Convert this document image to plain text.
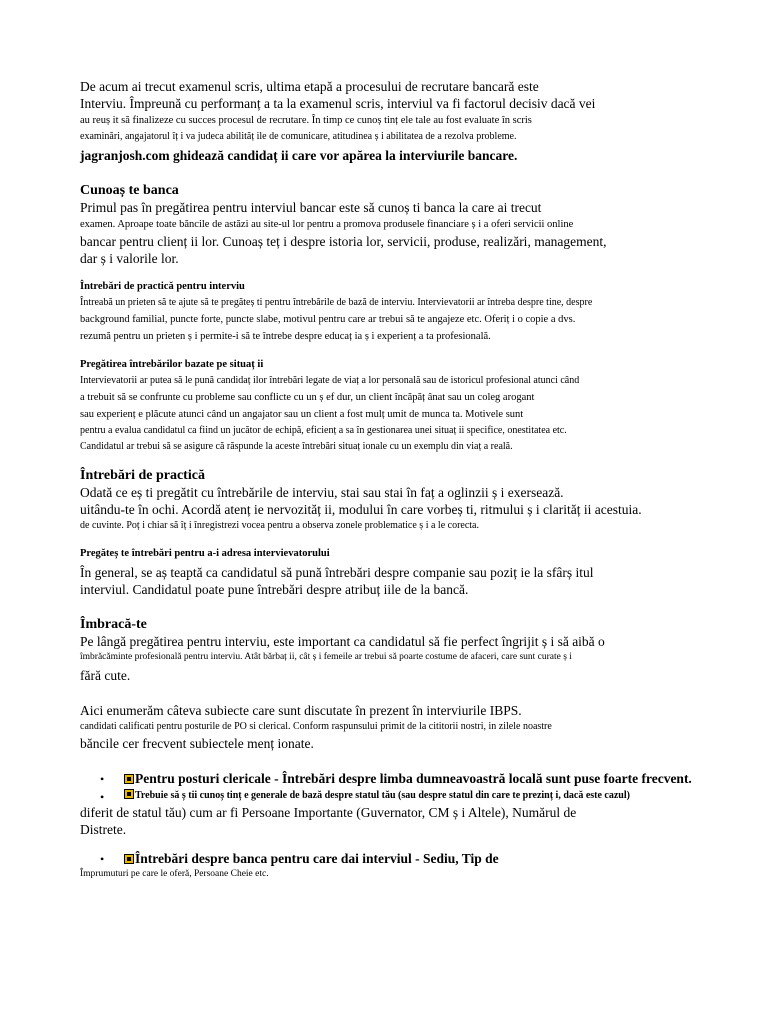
De acum ai trecut examenul scris, ultima etapă a procesului de recrutare bancară este

Interviu. Împreună cu performanț a ta la examenul scris, interviul va fi factorul decisiv dacă vei

au reuș it să finalizeze cu succes procesul de recrutare. În timp ce cunoș tinț ele tale au fost evaluate în scris

examinări, angajatorul îț i va judeca abilităț ile de comunicare, atitudinea ș i abilitatea de a rezolva probleme.

jagranjosh.com ghidează candidaț ii care vor apărea la interviurile bancare.

Cunoaș te banca

Primul pas în pregătirea pentru interviul bancar este să cunoș ti banca la care ai trecut

examen. Aproape toate băncile de astăzi au site-ul lor pentru a promova produsele financiare ș i a oferi servicii online

bancar pentru clienț ii lor. Cunoaș teț i despre istoria lor, servicii, produse, realizări, management,

dar ș i valorile lor.

Întrebări de practică pentru interviu

Întreabă un prieten să te ajute să te pregăteș ti pentru întrebările de bază de interviu. Intervievatorii ar întreba despre tine, despre

background familial, puncte forte, puncte slabe, motivul pentru care ar trebui să te angajeze etc. Oferiț i o copie a dvs.

rezumă pentru un prieten ș i permite-i să te întrebe despre educaț ia ș i experienț a ta profesională.

Pregătirea întrebărilor bazate pe situaț ii

Intervievatorii ar putea să le pună candidaț ilor întrebări legate de viaț a lor personală sau de istoricul profesional atunci când

a trebuit să se confrunte cu probleme sau conflicte cu un ș ef dur, un client încăpăț ânat sau un coleg arogant

sau experienț e plăcute atunci când un angajator sau un client a fost mulț umit de munca ta. Motivele sunt

pentru a evalua candidatul ca fiind un jucător de echipă, eficienț a sa în gestionarea unei situaț ii specifice, onestitatea etc.

Candidatul ar trebui să se asigure că răspunde la aceste întrebări situaț ionale cu un exemplu din viaț a reală.

Întrebări de practică

Odată ce eș ti pregătit cu întrebările de interviu, stai sau stai în faț a oglinzii ș i exersează.

uitându-te în ochi. Acordă atenț ie nervozităț ii, modului în care vorbeș ti, ritmului ș i clarităț ii acestuia.

de cuvinte. Poț i chiar să îț i înregistrezi vocea pentru a observa zonele problematice ș i a le corecta.

Pregăteș te întrebări pentru a-i adresa intervievatorului

În general, se aș teaptă ca candidatul să pună întrebări despre companie sau poziț ie la sfârș itul

interviul. Candidatul poate pune întrebări despre atribuț iile de la bancă.

Îmbracă-te

Pe lângă pregătirea pentru interviu, este important ca candidatul să fie perfect îngrijit ș i să aibă o

îmbrăcăminte profesională pentru interviu. Atât bărbaț ii, cât ș i femeile ar trebui să poarte costume de afaceri, care sunt curate ș i

fără cute.

Aici enumerăm câteva subiecte care sunt discutate în prezent în interviurile IBPS.

candidati calificati pentru posturile de PO si clerical. Conform raspunsului primit de la cititorii nostri, in zilele noastre

băncile cer frecvent subiectele menț ionate.

• Pentru posturi clericale - Întrebări despre limba dumneavoastră locală sunt puse foarte frecvent.
•	Trebuie să ș tii cunoș tinț e generale de bază despre statul tău (sau despre statul din care te prezinț i, dacă este cazul)

diferit de statul tău) cum ar fi Persoane Importante (Guvernator, CM ș i Altele), Numărul de

Distrete.

• Întrebări despre banca pentru care dai interviul - Sediu, Tip de

Împrumuturi pe care le oferă, Persoane Cheie etc.
